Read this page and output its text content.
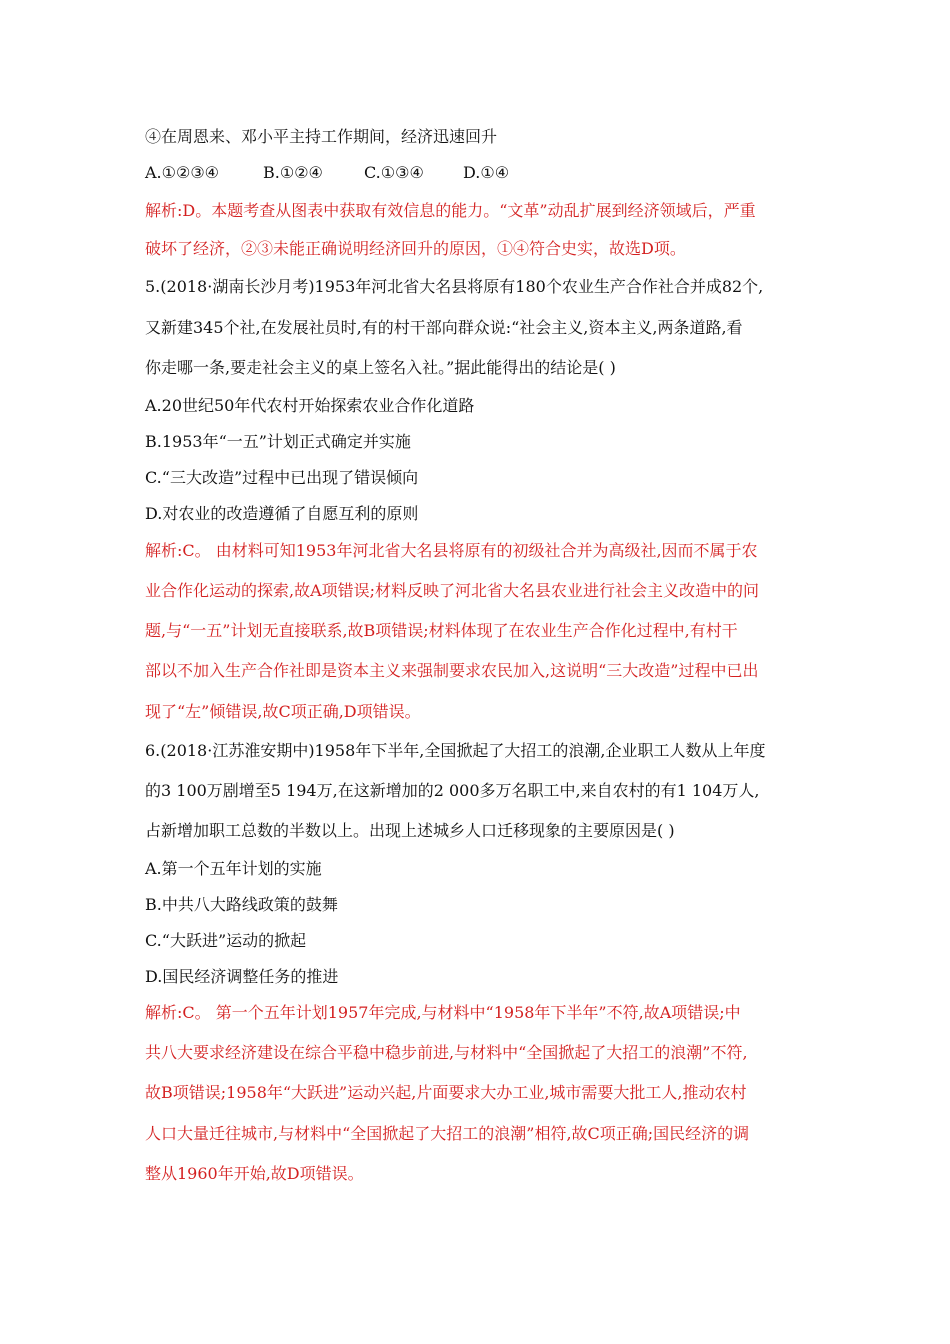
④在周恩来、邓小平主持工作期间，经济迅速回升
A.①②③④	B.①②④	C.①③④ D.①④
解析:D。本题考查从图表中获取有效信息的能力。“文革”动乱扩展到经济领域后，严重
破坏了经济，②③未能正确说明经济回升的原因，①④符合史实，故选D项。
5.(2018·湖南长沙月考)1953年河北省大名县将原有180个农业生产合作社合并成82个,
又新建345个社,在发展社员时,有的村干部向群众说:“社会主义,资本主义,两条道路,看
你走哪一条,要走社会主义的桌上签名入社。”据此能得出的结论是( )
A.20世纪50年代农村开始探索农业合作化道路
B.1953年“一五”计划正式确定并实施
C.“三大改造”过程中已出现了错误倾向
D.对农业的改造遵循了自愿互利的原则
解析:C。 由材料可知1953年河北省大名县将原有的初级社合并为高级社,因而不属于农
业合作化运动的探索,故A项错误;材料反映了河北省大名县农业进行社会主义改造中的问
题,与“一五”计划无直接联系,故B项错误;材料体现了在农业生产合作化过程中,有村干
部以不加入生产合作社即是资本主义来强制要求农民加入,这说明“三大改造”过程中已出
现了“左”倾错误,故C项正确,D项错误。
6.(2018·江苏淮安期中)1958年下半年,全国掀起了大招工的浪潮,企业职工人数从上年度
的3 100万剧增至5 194万,在这新增加的2 000多万名职工中,来自农村的有1 104万人,
占新增加职工总数的半数以上。出现上述城乡人口迁移现象的主要原因是( )
A.第一个五年计划的实施
B.中共八大路线政策的鼓舞
C.“大跃进”运动的掀起
D.国民经济调整任务的推进
解析:C。 第一个五年计划1957年完成,与材料中“1958年下半年”不符,故A项错误;中
共八大要求经济建设在综合平稳中稳步前进,与材料中“全国掀起了大招工的浪潮”不符,
故B项错误;1958年“大跃进”运动兴起,片面要求大办工业,城市需要大批工人,推动农村
人口大量迁往城市,与材料中“全国掀起了大招工的浪潮”相符,故C项正确;国民经济的调
整从1960年开始,故D项错误。
